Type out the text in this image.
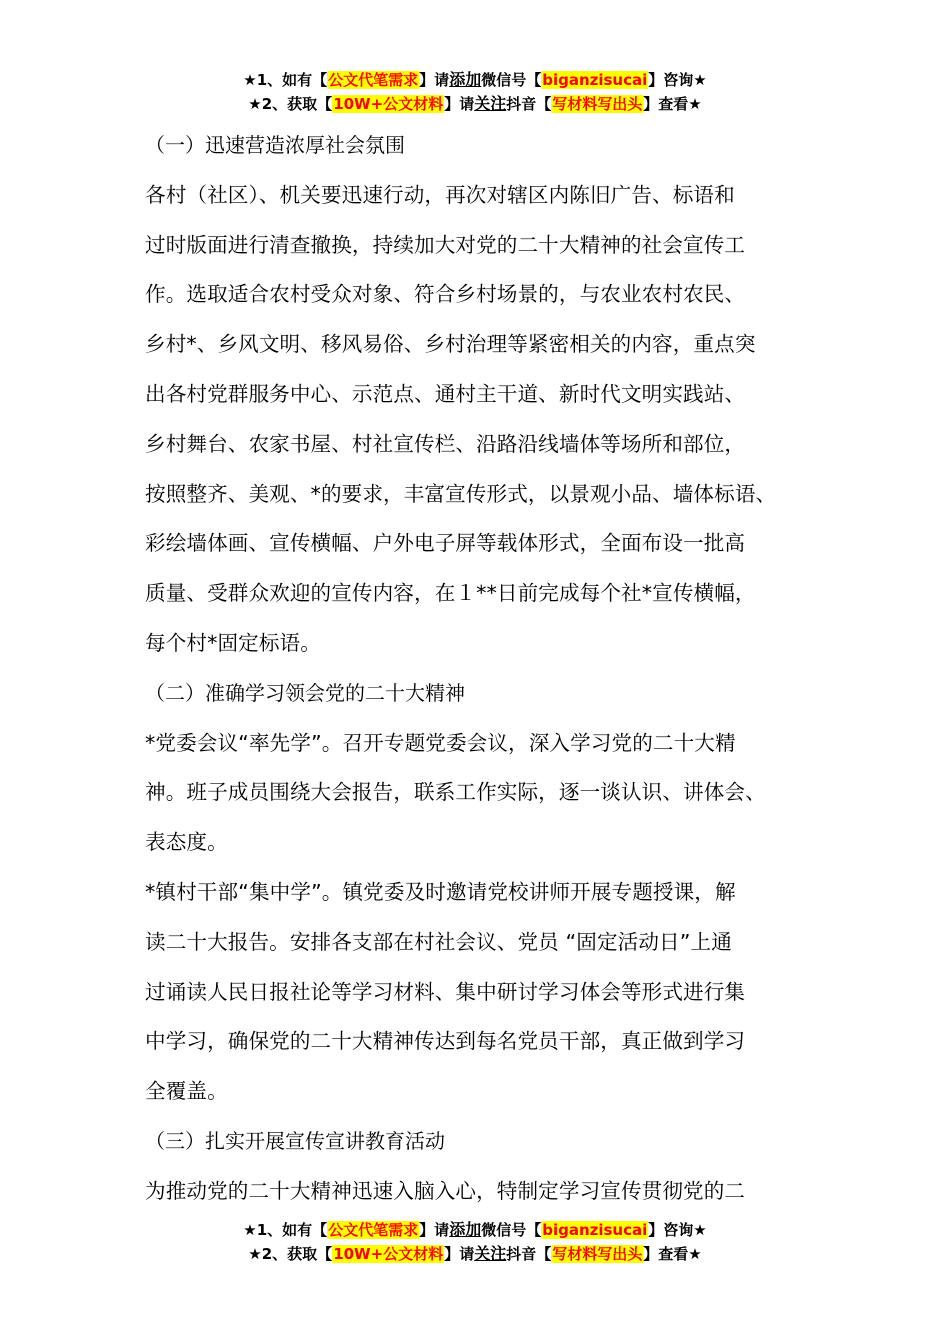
★1、如有【公文代笔需求】请添加微信号【biganzisucai】咨询★
★2、获取【10W+公文材料】请关注抖音【写材料写出头】查看★
（一）迅速营造浓厚社会氛围
各村（社区）、机关要迅速行动，再次对辖区内陈旧广告、标语和
过时版面进行清查撤换，持续加大对党的二十大精神的社会宣传工
作。选取适合农村受众对象、符合乡村场景的，与农业农村农民、
乡村*、乡风文明、移风易俗、乡村治理等紧密相关的内容，重点突
出各村党群服务中心、示范点、通村主干道、新时代文明实践站、
乡村舞台、农家书屋、村社宣传栏、沿路沿线墙体等场所和部位，
按照整齐、美观、*的要求，丰富宣传形式，以景观小品、墙体标语、
彩绘墙体画、宣传横幅、户外电子屏等载体形式，全面布设一批高
质量、受群众欢迎的宣传内容，在１**日前完成每个社*宣传横幅，
每个村*固定标语。
（二）准确学习领会党的二十大精神
*党委会议“率先学”。召开专题党委会议，深入学习党的二十大精
神。班子成员围绕大会报告，联系工作实际，逐一谈认识、讲体会、
表态度。
*镇村干部“集中学”。镇党委及时邀请党校讲师开展专题授课，解
读二十大报告。安排各支部在村社会议、党员 “固定活动日”上通
过诵读人民日报社论等学习材料、集中研讨学习体会等形式进行集
中学习，确保党的二十大精神传达到每名党员干部，真正做到学习
全覆盖。
（三）扎实开展宣传宣讲教育活动
为推动党的二十大精神迅速入脑入心，特制定学习宣传贯彻党的二
★1、如有【公文代笔需求】请添加微信号【biganzisucai】咨询★
★2、获取【10W+公文材料】请关注抖音【写材料写出头】查看★
